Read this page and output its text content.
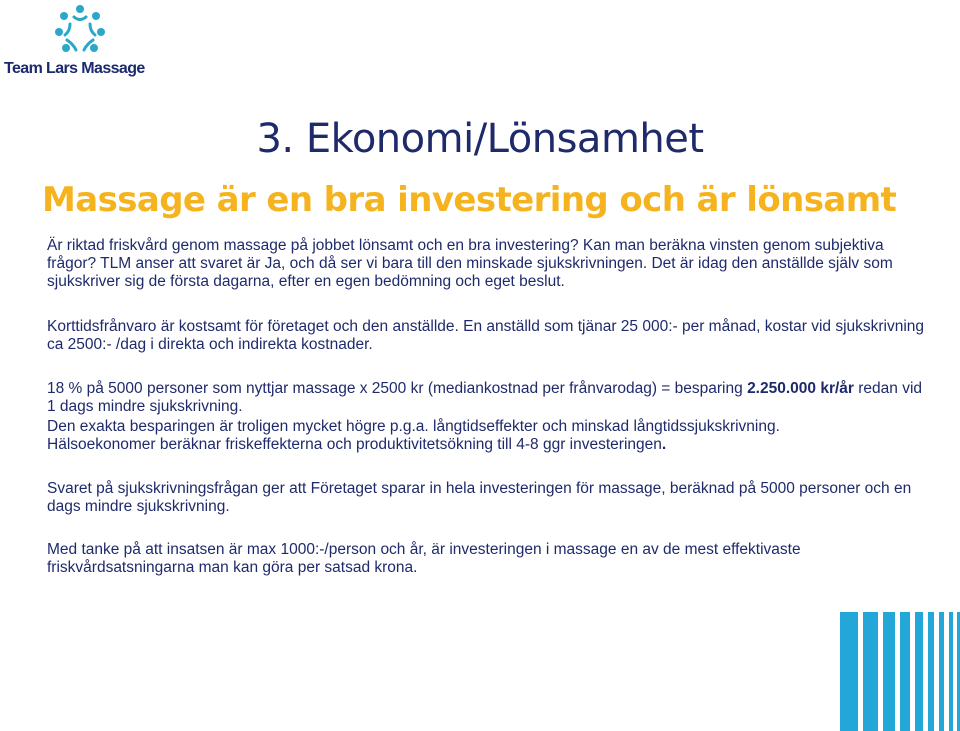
Team Lars Massage
3. Ekonomi/Lönsamhet
Massage är en bra investering och är lönsamt

Är riktad friskvård genom massage på jobbet lönsamt och en bra investering? Kan man beräkna vinsten genom subjektiva frågor? TLM anser att svaret är Ja, och då ser vi bara till den minskade sjukskrivningen. Det är idag den anställde själv som sjukskriver sig de första dagarna, efter en egen bedömning och eget beslut.

Korttidsfrånvaro är kostsamt för företaget och den anställde. En anställd som tjänar 25 000:- per månad, kostar vid sjukskrivning ca 2500:- /dag i direkta och indirekta kostnader.

18 % på 5000 personer som nyttjar massage x 2500 kr (mediankostnad per frånvarodag) = besparing 2.250.000 kr/år redan vid 1 dags mindre sjukskrivning.

Den exakta besparingen är troligen mycket högre p.g.a. långtidseffekter och minskad långtidssjukskrivning.
Hälsoekonomer beräknar friskeffekterna och produktivitetsökning till 4-8 ggr investeringen.

Svaret på sjukskrivningsfrågan ger att Företaget sparar in hela investeringen för massage, beräknad på 5000 personer och en dags mindre sjukskrivning.

Med tanke på att insatsen är max 1000:-/person och år, är investeringen i massage en av de mest effektivaste friskvårdsatsningarna man kan göra per satsad krona.
